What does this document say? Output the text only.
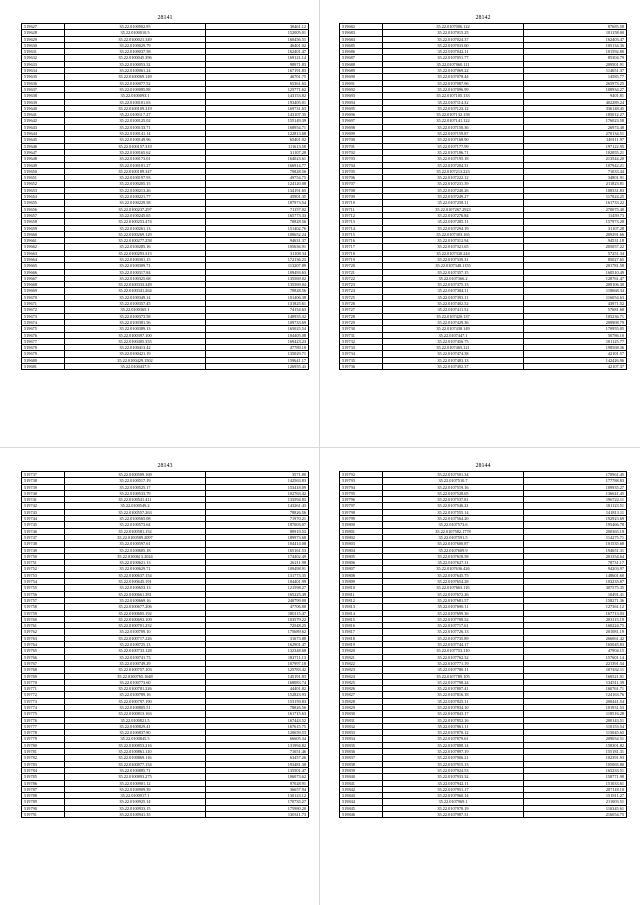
28141
519627	35.22.0100002.95	30461.12
519628	35.22.0100010.5	152005.01
519629	35.22.0100021.349	160456.51
519630	35.22.0100029.79	46401.02
519631	35.22.0100037.58	162401.47
519632	35.22.0100045.396	169121.14
519633	35.22.0100053.32	98971.83
519634	35.22.0100061.24	167191.83
519635	35.22.0100069.149	46701.75
519636	35.22.0100077.52	65361.63
519637	35.22.0100085.88	125771.62
519638	35.22.0100093.1	143153.82
519639	35.22.0100101.63	193405.01
519640	35.22.0100109.319	169731.63
519641	35.22.0100117.27	143107.35
519642	35.22.0100125.02	155149.39
519643	35.22.0100133.71	168954.71
519644	35.22.0100141.14	122813.68
519645	35.22.0100149.96	65401.02
519646	35.22.0100157.319	111613.58
519647	35.22.0100165.62	31107.28
519648	35.22.0100173.01	164023.61
519649	35.22.0100181.27	166914.77
519650	35.22.0100189.347	70828.56
519651	35.22.0100197.93	49754.75
519652	35.22.0100205.15	124120.08
519653	35.22.0100213.26	134191.65
519654	35.22.0100221.77	45901.35
519655	35.22.0100229.58	187973.54
519656	35.22.0100237.297	71157.02
519657	35.22.0100245.65	165773.33
519658	35.22.0100253.474	70828.56
519659	35.22.0100261.13	151402.76
519660	35.22.0100269.129	100652.24
519661	35.22.0100277.258	94631.37
519662	35.22.0100285.16	105636.91
519663	35.22.0100293.315	31108.34
519664	35.22.0100301.15	172136.23
519665	35.22.0100309.71	113207.89
519666	35.22.0100317.84	109493.63
519667	35.22.0100325.68	135569.02
519668	35.22.0100333.349	135569.04
519669	35.22.0100341.264	70828.56
519670	35.22.0100349.14	101406.38
519671	35.22.0100357.45	131825.61
519672	35.22.0100365.1	74154.63
519673	35.22.0100373.58	140955.32
519674	35.22.0100381.56	109733.69
519675	35.22.0100389.13	165025.54
519676	35.22.0100397.100	104405.08
519677	35.22.0100405.355	169423.23
519678	35.22.0100413.42	47789.18
519679	35.22.0100421.19	135029.71
519680	35.22.0100429.1502	159641.17
519681	35.22.0100437.5	126955.43
28142
519682	35.22.0107006.122	87685.58
519683	35.22.0107015.25	101158.00
519684	35.22.0107024.37	162403.47
519685	35.22.0107033.60	105134.36
519686	35.22.0107042.11	101592.80
519687	35.22.0107051.77	85304.79
519688	35.22.0107060.111	209501.91
519689	35.22.0107069.22	114651.37
519690	35.22.0107078.44	14585.77
519691	35.22.0107087.96	265973.25
519692	35.22.0107096.99	108934.27
519693	35.22.0107105.133	9401.81
519694	35.22.0107114.32	402289.24
519695	35.22.0107123.12	336148.45
519696	35.22.0107132.158	185012.27
519697	35.22.0107141.122	176023.58
519698	35.22.0107150.36	26974.48
519699	35.22.0107159.87	270134.51
519700	35.22.0107168.90	149111.97
519701	35.22.0107177.99	197122.95
519702	35.22.0107186.71	102055.21
519703	35.22.0107195.18	213544.20
519704	35.22.0107204.31	107942.21
519705	35.22.0107213.223	71033.44
519706	35.22.0107222.12	34801.91
519707	35.22.0107231.39	211823.81
519708	35.22.0107240.26	108331.83
519709	35.22.0107249.27	117024.25
519710	35.22.0107258.11	161733.22
519711	35.22.0107267.2923	270075.40
519712	35.22.0107276.84	11459.73
519713	35.22.0107285.11	157973.28
519714	35.22.0107294.19	31107.28
519715	35.22.0107303.165	209291.66
519716	35.22.0107312.94	94531.18
519717	35.22.0107321.65	205057.22
519718	35.22.0107330.244	57251.34
519719	35.22.0107339.31	85027.65
519720	35.22.0107348.1155	201781.58
519721	35.22.0107357.15	160510.49
519722	35.22.0107366.2	128761.47
519723	35.22.0107375.13	209106.30
519724	35.22.0107384.11	118668.34
519725	35.22.0107393.11	116054.63
519726	35.22.0107402.52	43971.52
519727	35.22.0107411.52	57681.68
519728	35.22.0107420.137	105236.71
519729	35.22.0107429.36	209908.79
519730	35.22.0107438.149	170955.05
519731	35.22.0107447.1	50786.10
519732	35.22.0107456.75	101125.77
519733	35.22.0107465.121	198568.36
519734	35.22.0107474.38	42101.57
519735	35.22.0107483.13	142426.96
519736	35.22.0107492.37	42107.37
28143
519737	35.22.0100509.169	3571.80
519738	35.22.0100517.19	142563.83
519739	35.22.0100525.17	153418.09
519740	35.22.0100533.79	102763.42
519741	35.22.0100541.411	133594.83
519742	35.22.0100549.2	143261.43
519743	35.22.0100557.263	78826.56
519744	35.22.0100565.08	71970.21
519745	35.22.0100573.64	187003.07
519746	35.22.0100581.152	80919.53
519747	35.22.0100589.2097	189973.68
519748	35.22.0100597.61	104414.08
519749	35.22.0100605.18	165161.53
519750	35.22.0100613.2024	174402.49
519751	35.22.0100621.13	26211.98
519752	35.22.0100629.71	109498.91
519753	35.22.0100637.154	131773.35
519754	35.22.0100645.191	104401.99
519755	35.22.0100653.13	121598.27
519756	35.22.0100661.281	165225.49
519757	35.22.0100669.16	240799.00
519758	35.22.0100677.206	47706.88
519759	35.22.0100685.192	180115.47
519760	35.22.0100693.109	103579.22
519761	35.22.0100701.252	72548.25
519762	35.22.0100709.10	175689.62
519763	35.22.0100717.226	31673.88
519764	35.22.0100725.13	162901.47
519765	35.22.0100733.128	132348.68
519766	35.22.0100741.73	182711.13
519767	35.22.0100749.29	107997.18
519768	35.22.0100757.103	125783.42
519769	35.22.0100765.1648	145191.83
519770	35.22.0100773.60	168083.74
519771	35.22.0100781.226	44401.82
519772	35.22.0100789.16	152823.93
519773	35.22.0100797.190	153159.83
519774	35.22.0100805.51	78826.56
519775	35.22.0100813.163	161715.63
519776	35.22.0100821.5	167443.52
519777	35.22.0100829.41	167615.75
519778	35.22.0100837.80	120659.53
519779	35.22.0100845.5	66605.34
519780	35.22.0100853.216	131994.82
519781	35.22.0100861.110	71651.46
519782	35.22.0100869.116	63457.26
519783	35.22.0100877.154	193481.30
519784	35.22.0100885.71	135501.47
519785	35.22.0100893.275	106073.62
519786	35.22.0100901.12	97028.91
519787	35.22.0100909.39	36657.94
519788	35.22.0100917.1	130123.12
519789	35.22.0100925.14	170735.27
519790	35.22.0100933.15	175980.20
519791	35.22.0100941.35	130311.73
28144
519792	35.22.0107501.34	170961.45
519793	35.22.0107510.7	177788.83
519794	35.22.0107519.16	109935.27
519795	35.22.0107528.65	136641.45
519796	35.22.0107537.81	196722.11
519797	35.22.0107546.21	101123.51
519798	35.22.0107555.14	141813.11
519799	35.22.0107564.20	192923.69
519800	35.22.0107573.6	195466.78
519801	35.22.0107582.1778	200365.19
519802	35.22.0107591.5	114275.71
519803	35.22.0107600.87	101535.68
519804	35.22.0107609.9	194651.31
519805	35.22.0107618.58	201354.64
519806	35.22.0107627.11	78731.17
519807	35.22.0107636.426	94203.97
519808	35.22.0107645.75	148601.60
519809	35.22.0107654.28	103235.87
519810	35.22.0107663.116	307575.35
519811	35.22.0107672.26	10491.41
519812	35.22.0107681.57	158271.36
519813	35.22.0107690.11	127361.12
519814	35.22.0107699.36	167713.03
519815	35.22.0107708.52	203115.19
519816	35.22.0107717.61	160224.75
519817	35.22.0107726.13	201081.19
519818	35.22.0107735.89	266061.42
519819	35.22.0107744.17	165045.83
519820	35.22.0107753.110	47904.15
519821	35.22.0107762.32	157601.14
519822	35.22.0107771.19	221391.54
519823	35.22.0107780.11	107432.11
519824	35.22.0107789.105	160521.91
519825	35.22.0107798.24	134511.39
519826	35.22.0107807.41	160761.71
519827	35.22.0107816.18	124163.76
519828	35.22.0107825.11	200441.54
519829	35.22.0107834.10	101931.53
519830	35.22.0107843.17	118516.28
519831	35.22.0107852.16	200143.51
519832	35.22.0107861.11	110153.54
519833	35.22.0107870.12	115045.65
519834	35.22.0107879.61	209054.51
519835	35.22.0107888.14	158301.82
519836	35.22.0107897.19	155181.31
519837	35.22.0107906.21	102391.93
519838	35.22.0107915.13	105065.80
519839	35.22.0107924.53	165233.51
519840	35.22.0107933.32	158771.98
519841	35.22.0107942.11	151033.61
519842	35.22.0107951.17	207118.10
519843	35.22.0107960.14	151811.27
519844	35.22.0107969.1	211003.51
519845	35.22.0107978.19	116345.61
519846	35.22.0107987.31	216054.75
